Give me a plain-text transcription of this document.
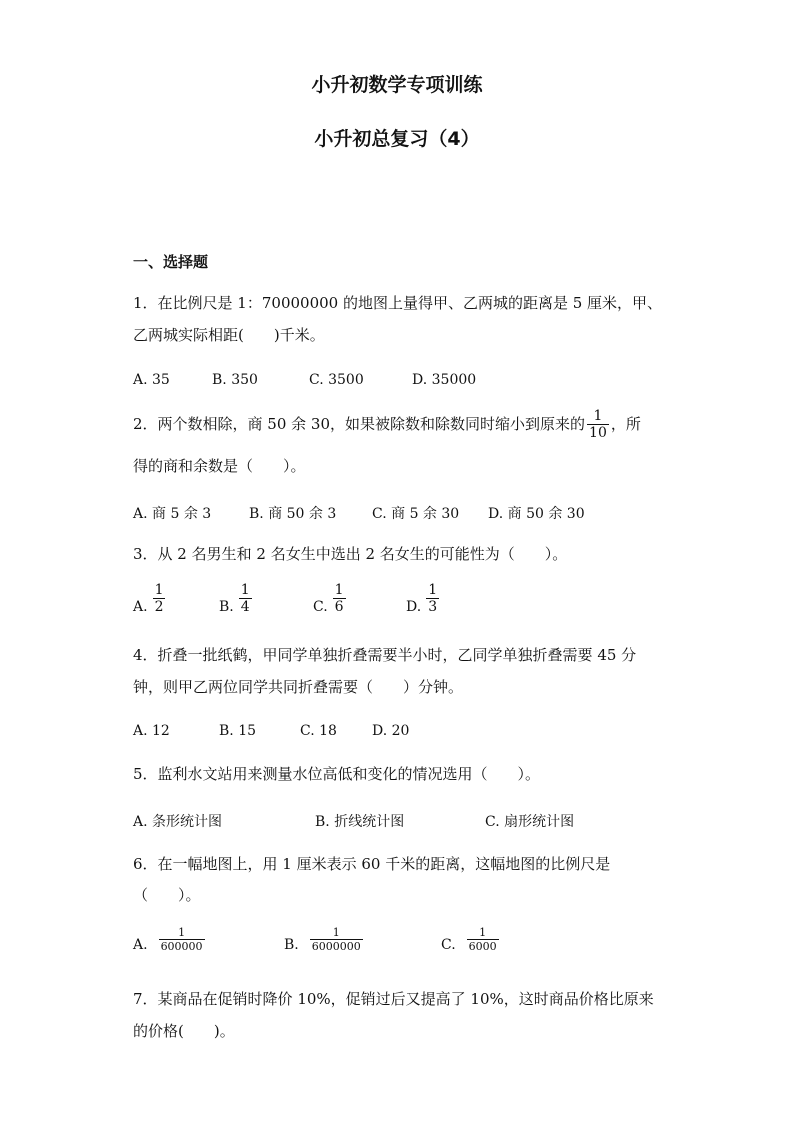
小升初数学专项训练
小升初总复习（4）
一、选择题
1．在比例尺是 1：70000000 的地图上量得甲、乙两城的距离是 5 厘米，甲、
乙两城实际相距(　　)千米。
A. 35	B. 350	C. 3500	D. 35000
2．两个数相除，商 50 余 30，如果被除数和除数同时缩小到原来的 $\frac{1}{10}$ ，所
得的商和余数是（　　）。
A. 商 5 余 3	B. 商 50 余 3	C. 商 5 余 30 D. 商 50 余 30
3．从 2 名男生和 2 名女生中选出 2 名女生的可能性为（　　）。
A. $\frac{1}{2}$	B. $\frac{1}{4}$	C. $\frac{1}{6}$	D. $\frac{1}{3}$
4．折叠一批纸鹤，甲同学单独折叠需要半小时，乙同学单独折叠需要 45 分
钟，则甲乙两位同学共同折叠需要（　　）分钟。
A. 12	B. 15	C. 18	D. 20
5．监利水文站用来测量水位高低和变化的情况选用（　　）。
A. 条形统计图	B. 折线统计图	C. 扇形统计图
6．在一幅地图上，用 1 厘米表示 60 千米的距离，这幅地图的比例尺是
（　　）。
A. $\frac{1}{600000}$	B. $\frac{1}{6000000}$	C. $\frac{1}{6000}$
7．某商品在促销时降价 10%，促销过后又提高了 10%，这时商品价格比原来
的价格(　　)。
